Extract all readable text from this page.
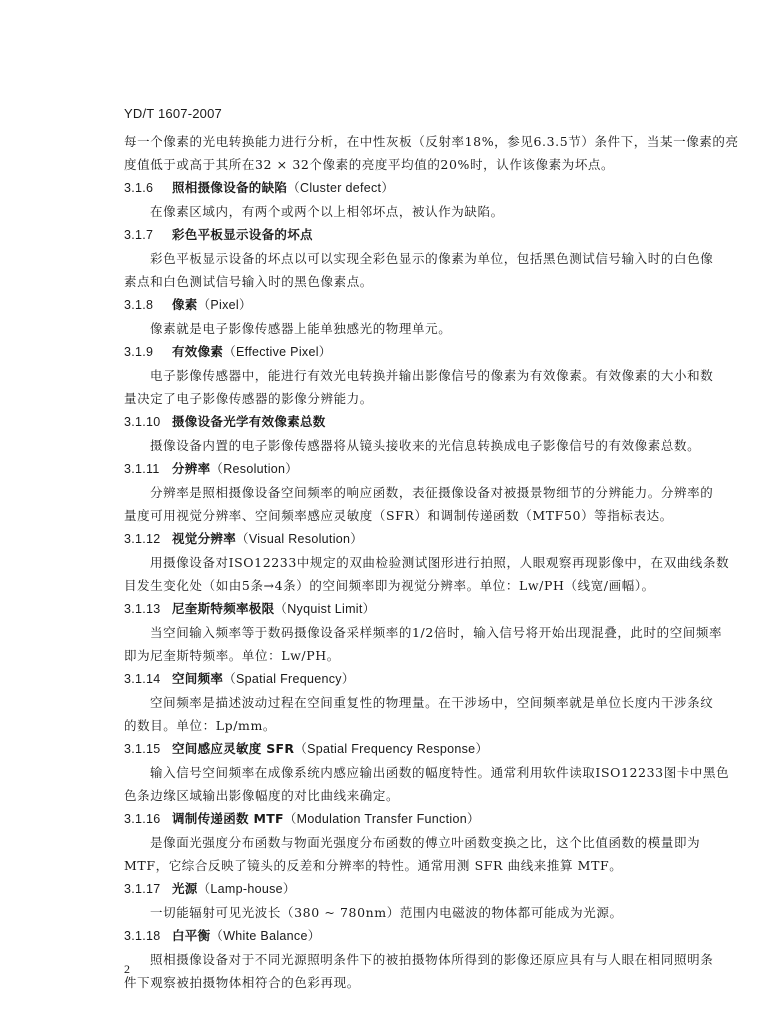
YD/T 1607-2007
每一个像素的光电转换能力进行分析，在中性灰板（反射率18%，参见6.3.5节）条件下，当某一像素的亮
度值低于或高于其所在32 × 32个像素的亮度平均值的20%时，认作该像素为坏点。
3.1.6 照相摄像设备的缺陷（Cluster defect）
在像素区域内，有两个或两个以上相邻坏点，被认作为缺陷。
3.1.7 彩色平板显示设备的坏点
彩色平板显示设备的坏点以可以实现全彩色显示的像素为单位，包括黑色测试信号输入时的白色像
素点和白色测试信号输入时的黑色像素点。
3.1.8 像素（Pixel）
像素就是电子影像传感器上能单独感光的物理单元。
3.1.9 有效像素（Effective Pixel）
电子影像传感器中，能进行有效光电转换并输出影像信号的像素为有效像素。有效像素的大小和数
量决定了电子影像传感器的影像分辨能力。
3.1.10 摄像设备光学有效像素总数
摄像设备内置的电子影像传感器将从镜头接收来的光信息转换成电子影像信号的有效像素总数。
3.1.11 分辨率（Resolution）
分辨率是照相摄像设备空间频率的响应函数，表征摄像设备对被摄景物细节的分辨能力。分辨率的
量度可用视觉分辨率、空间频率感应灵敏度（SFR）和调制传递函数（MTF50）等指标表达。
3.1.12 视觉分辨率（Visual Resolution）
用摄像设备对ISO12233中规定的双曲检验测试图形进行拍照，人眼观察再现影像中，在双曲线条数
目发生变化处（如由5条→4条）的空间频率即为视觉分辨率。单位：Lw/PH（线宽/画幅）。
3.1.13 尼奎斯特频率极限（Nyquist Limit）
当空间输入频率等于数码摄像设备采样频率的1/2倍时，输入信号将开始出现混叠，此时的空间频率
即为尼奎斯特频率。单位：Lw/PH。
3.1.14 空间频率（Spatial Frequency）
空间频率是描述波动过程在空间重复性的物理量。在干涉场中，空间频率就是单位长度内干涉条纹
的数目。单位：Lp/mm。
3.1.15 空间感应灵敏度 SFR（Spatial Frequency Response）
输入信号空间频率在成像系统内感应输出函数的幅度特性。通常利用软件读取ISO12233图卡中黑色
色条边缘区域输出影像幅度的对比曲线来确定。
3.1.16 调制传递函数 MTF（Modulation Transfer Function）
是像面光强度分布函数与物面光强度分布函数的傅立叶函数变换之比，这个比值函数的模量即为
MTF，它综合反映了镜头的反差和分辨率的特性。通常用测 SFR 曲线来推算 MTF。
3.1.17 光源（Lamp-house）
一切能辐射可见光波长（380 ~ 780nm）范围内电磁波的物体都可能成为光源。
3.1.18 白平衡（White Balance）
照相摄像设备对于不同光源照明条件下的被拍摄物体所得到的影像还原应具有与人眼在相同照明条
件下观察被拍摄物体相符合的色彩再现。
2
